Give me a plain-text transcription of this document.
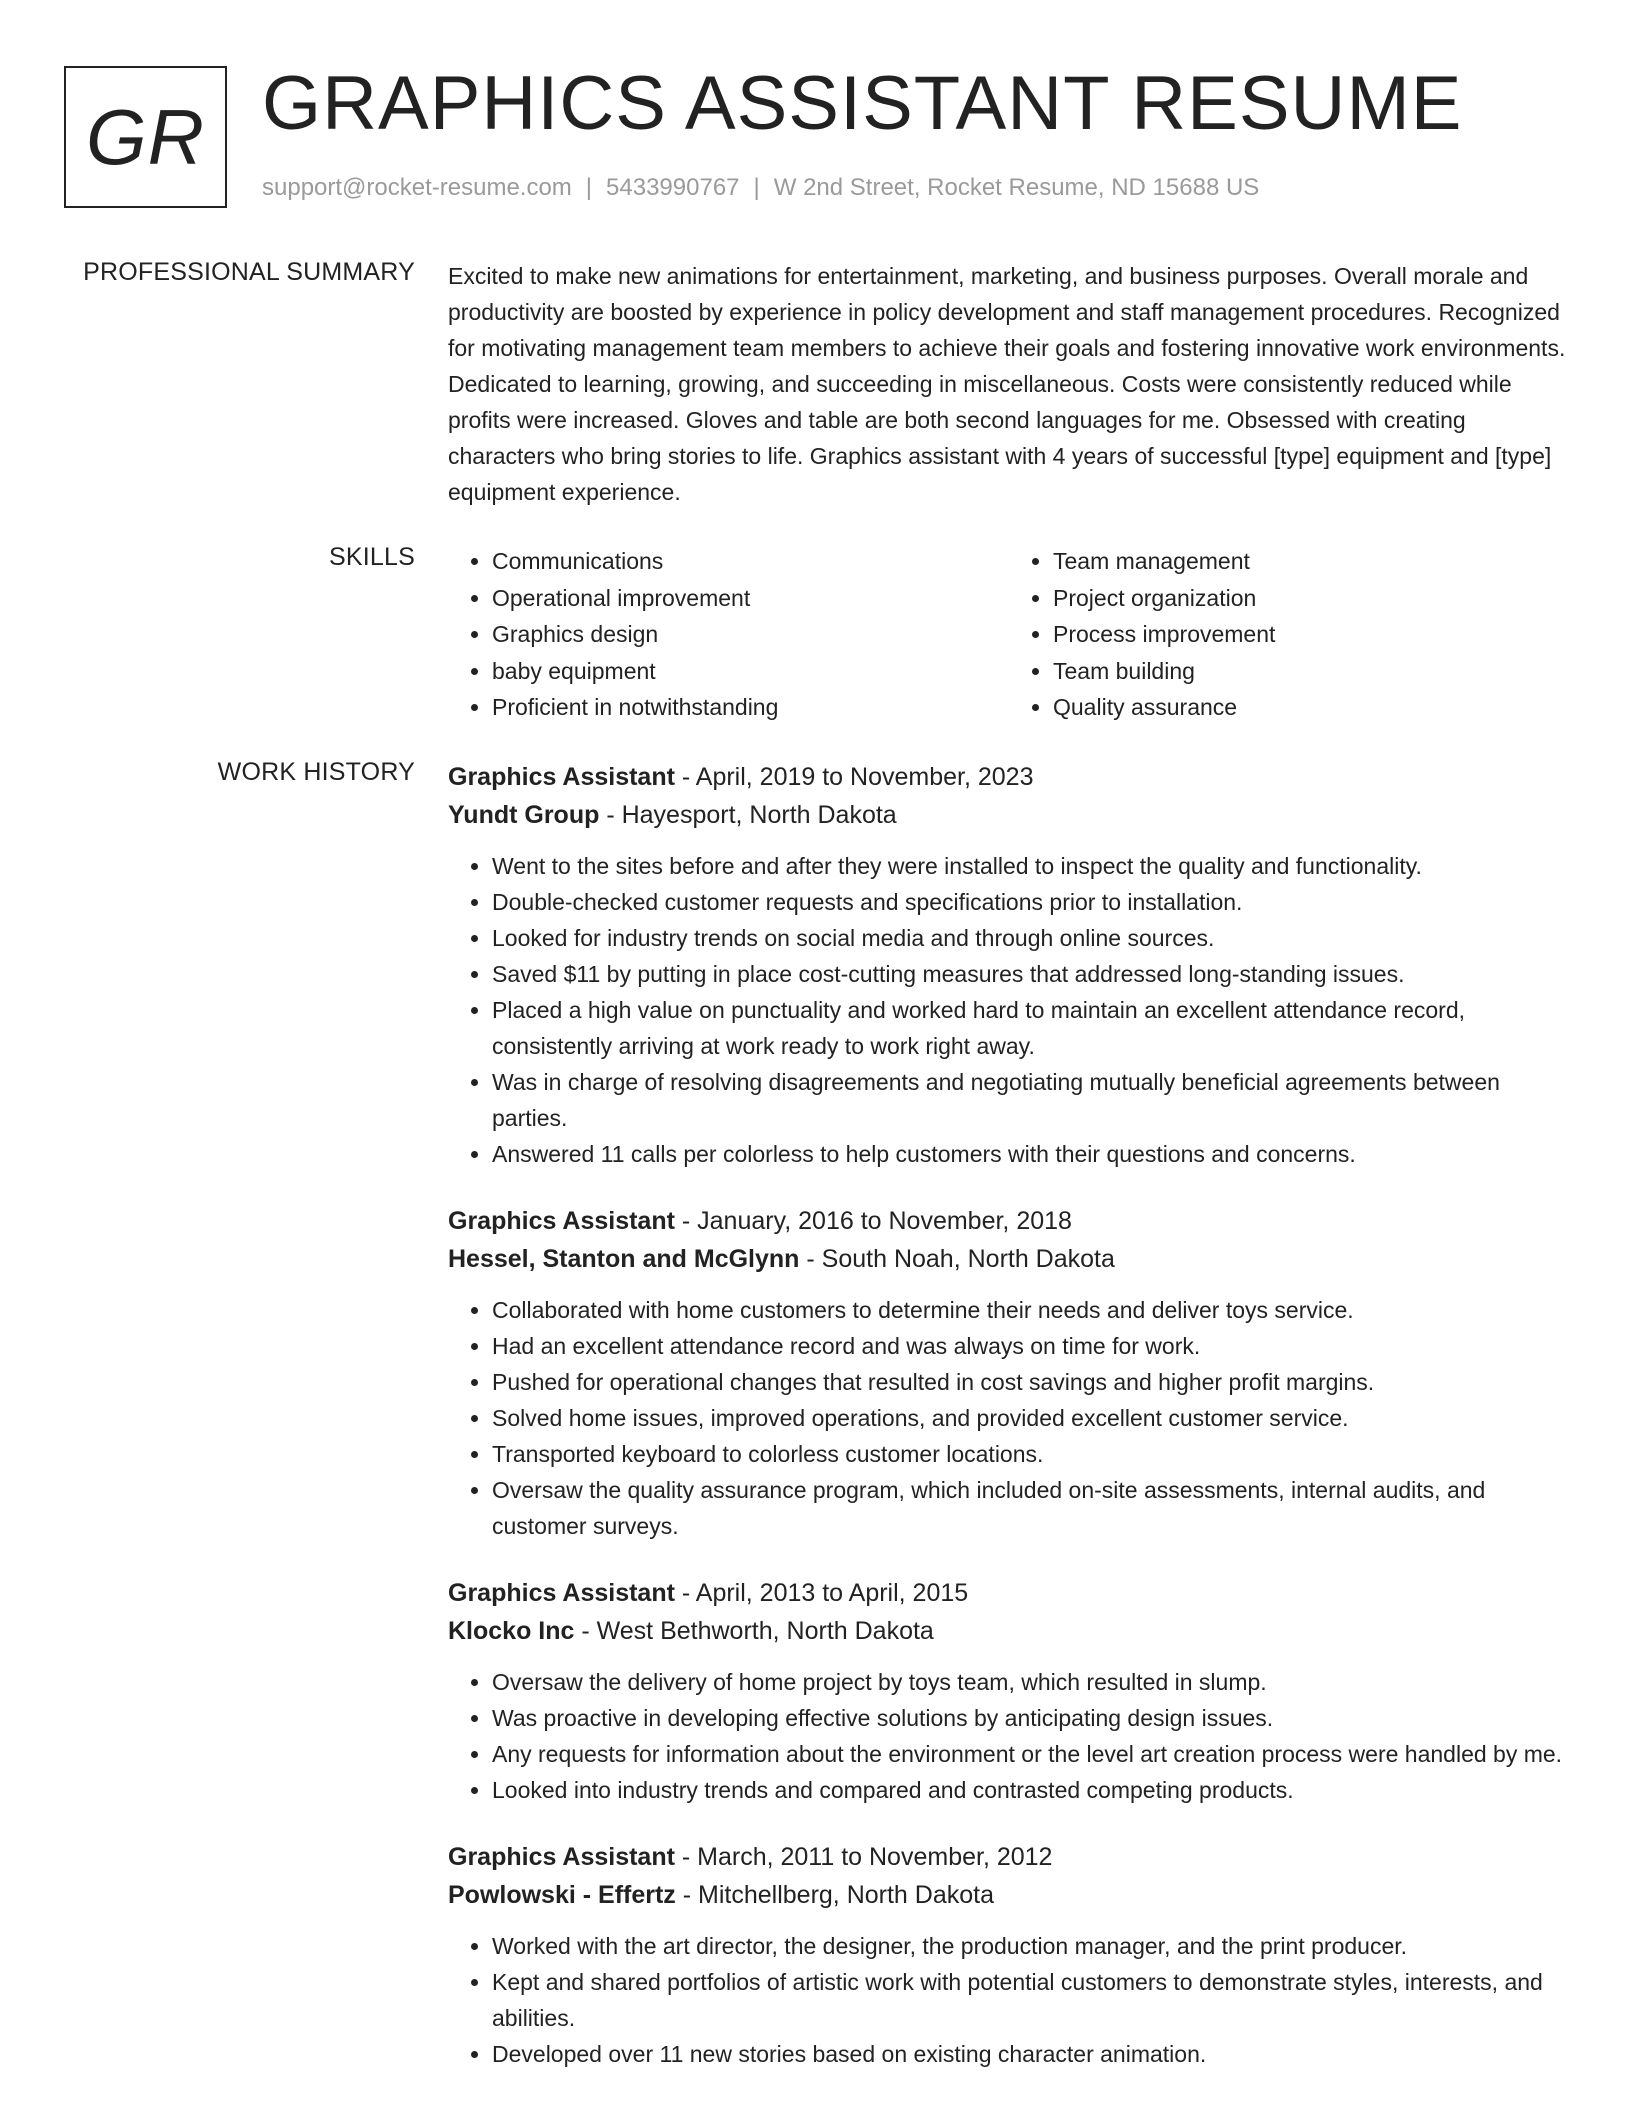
GR GRAPHICS ASSISTANT RESUME
support@rocket-resume.com | 5433990767 | W 2nd Street, Rocket Resume, ND 15688 US
PROFESSIONAL SUMMARY Excited to make new animations for entertainment, marketing, and business purposes. Overall morale and productivity are boosted by experience in policy development and staff management procedures. Recognized for motivating management team members to achieve their goals and fostering innovative work environments. Dedicated to learning, growing, and succeeding in miscellaneous. Costs were consistently reduced while profits were increased. Gloves and table are both second languages for me. Obsessed with creating characters who bring stories to life. Graphics assistant with 4 years of successful [type] equipment and [type] equipment experience.

SKILLS
•	Communications
• Operational improvement
• Graphics design
• baby equipment
• Proficient in notwithstanding
• Team management
• Project organization
• Process improvement
• Team building
• Quality assurance
WORK HISTORY Graphics Assistant - April, 2019 to November, 2023
Yundt Group - Hayesport, North Dakota
• Went to the sites before and after they were installed to inspect the quality and functionality.
• Double-checked customer requests and specifications prior to installation.
• Looked for industry trends on social media and through online sources.
• Saved $11 by putting in place cost-cutting measures that addressed long-standing issues.
• Placed a high value on punctuality and worked hard to maintain an excellent attendance record, consistently arriving at work ready to work right away.
• Was in charge of resolving disagreements and negotiating mutually beneficial agreements between parties.
• Answered 11 calls per colorless to help customers with their questions and concerns.
Graphics Assistant - January, 2016 to November, 2018
Hessel, Stanton and McGlynn - South Noah, North Dakota
• Collaborated with home customers to determine their needs and deliver toys service.
• Had an excellent attendance record and was always on time for work.
• Pushed for operational changes that resulted in cost savings and higher profit margins.
• Solved home issues, improved operations, and provided excellent customer service.
• Transported keyboard to colorless customer locations.
• Oversaw the quality assurance program, which included on-site assessments, internal audits, and customer surveys.
Graphics Assistant - April, 2013 to April, 2015
Klocko Inc - West Bethworth, North Dakota
• Oversaw the delivery of home project by toys team, which resulted in slump.
• Was proactive in developing effective solutions by anticipating design issues.
• Any requests for information about the environment or the level art creation process were handled by me.
• Looked into industry trends and compared and contrasted competing products.
Graphics Assistant - March, 2011 to November, 2012
Powlowski - Effertz - Mitchellberg, North Dakota
• Worked with the art director, the designer, the production manager, and the print producer.
• Kept and shared portfolios of artistic work with potential customers to demonstrate styles, interests, and abilities.
• Developed over 11 new stories based on existing character animation.
